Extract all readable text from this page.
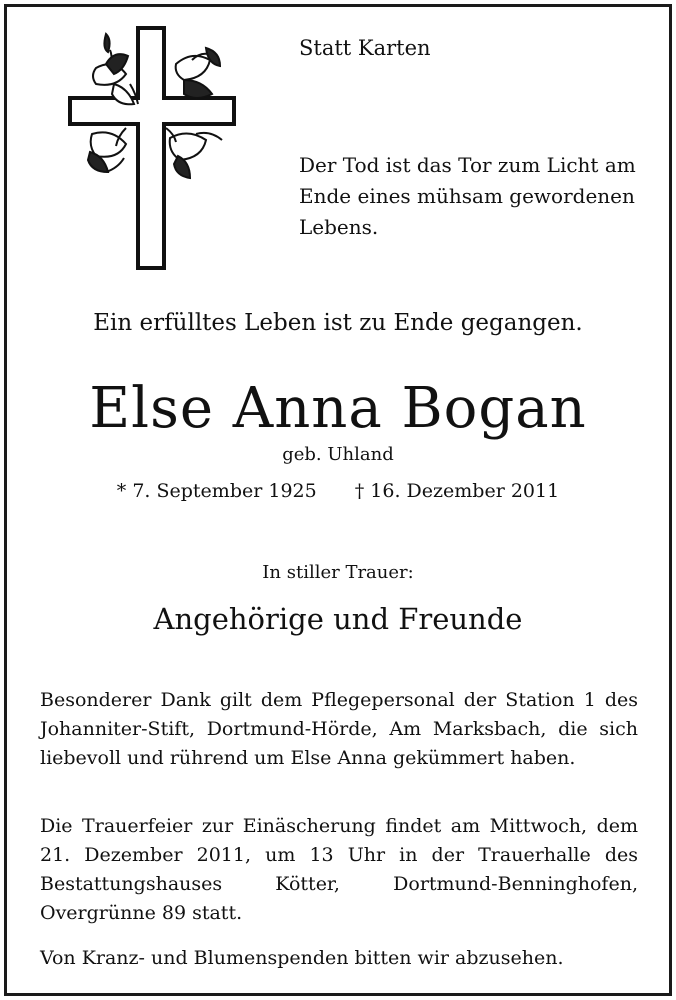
Statt Karten

Der Tod ist das Tor zum Licht am Ende eines mühsam gewordenen Lebens.

Ein erfülltes Leben ist zu Ende gegangen.

Else Anna Bogan

geb. Uhland

* 7. September 1925 † 16. Dezember 2011

In stiller Trauer:

Angehörige und Freunde

Besonderer Dank gilt dem Pflegepersonal der Station 1 des Johanniter-Stift, Dortmund-Hörde, Am Marksbach, die sich liebevoll und rührend um Else Anna gekümmert haben.

Die Trauerfeier zur Einäscherung findet am Mittwoch, dem 21. Dezember 2011, um 13 Uhr in der Trauerhalle des Bestattungshauses Kötter, Dortmund-Benninghofen, Overgrünne 89 statt.

Von Kranz- und Blumenspenden bitten wir abzusehen.
